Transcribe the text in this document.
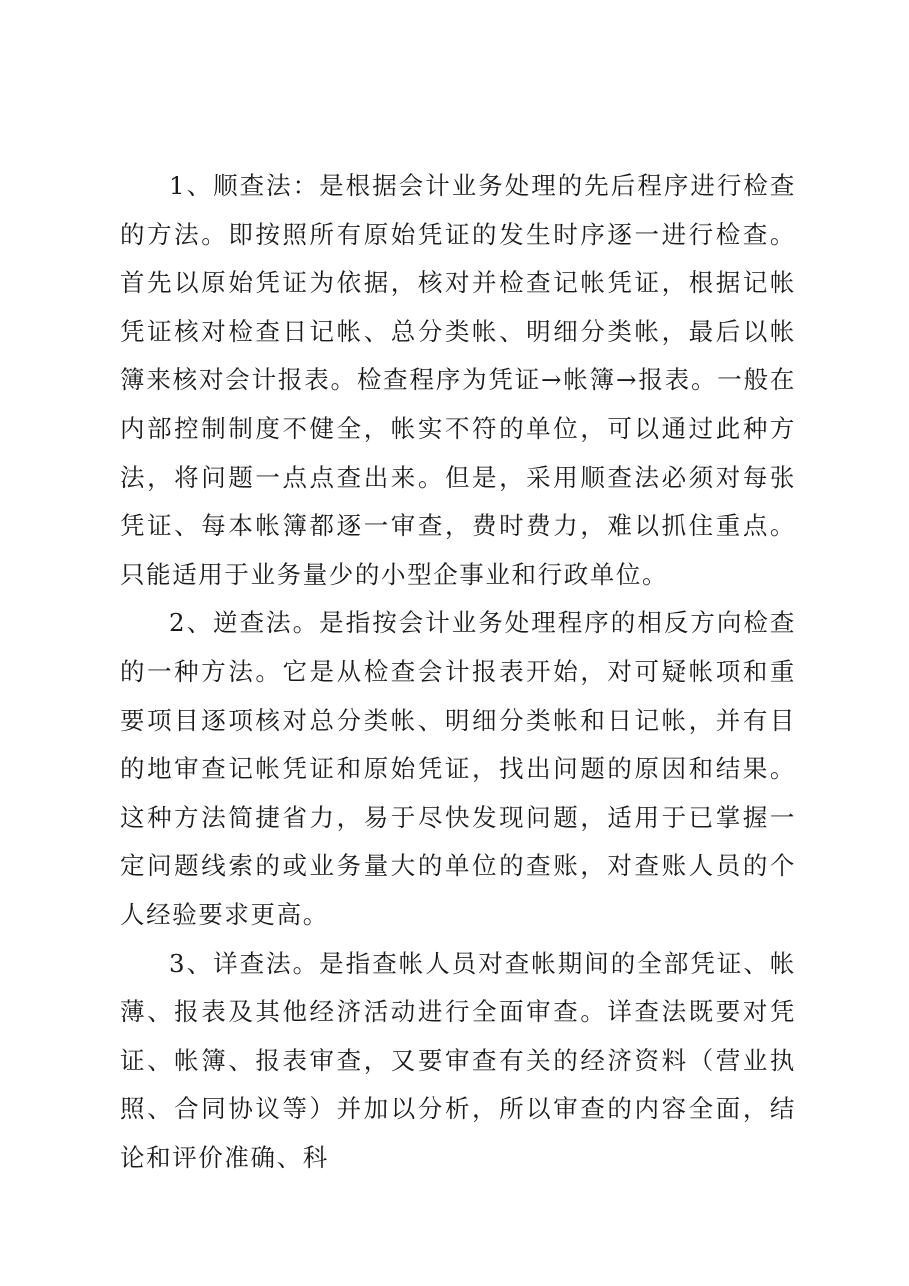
1、顺查法：是根据会计业务处理的先后程序进行检查的方法。即按照所有原始凭证的发生时序逐一进行检查。首先以原始凭证为依据，核对并检查记帐凭证，根据记帐凭证核对检查日记帐、总分类帐、明细分类帐，最后以帐簿来核对会计报表。检查程序为凭证→帐簿→报表。一般在内部控制制度不健全，帐实不符的单位，可以通过此种方法，将问题一点点查出来。但是，采用顺查法必须对每张凭证、每本帐簿都逐一审查，费时费力，难以抓住重点。只能适用于业务量少的小型企事业和行政单位。

2、逆查法。是指按会计业务处理程序的相反方向检查的一种方法。它是从检查会计报表开始，对可疑帐项和重要项目逐项核对总分类帐、明细分类帐和日记帐，并有目的地审查记帐凭证和原始凭证，找出问题的原因和结果。这种方法简捷省力，易于尽快发现问题，适用于已掌握一定问题线索的或业务量大的单位的查账，对查账人员的个人经验要求更高。

3、详查法。是指查帐人员对查帐期间的全部凭证、帐薄、报表及其他经济活动进行全面审查。详查法既要对凭证、帐簿、报表审查，又要审查有关的经济资料（营业执照、合同协议等）并加以分析，所以审查的内容全面，结论和评价准确、科
